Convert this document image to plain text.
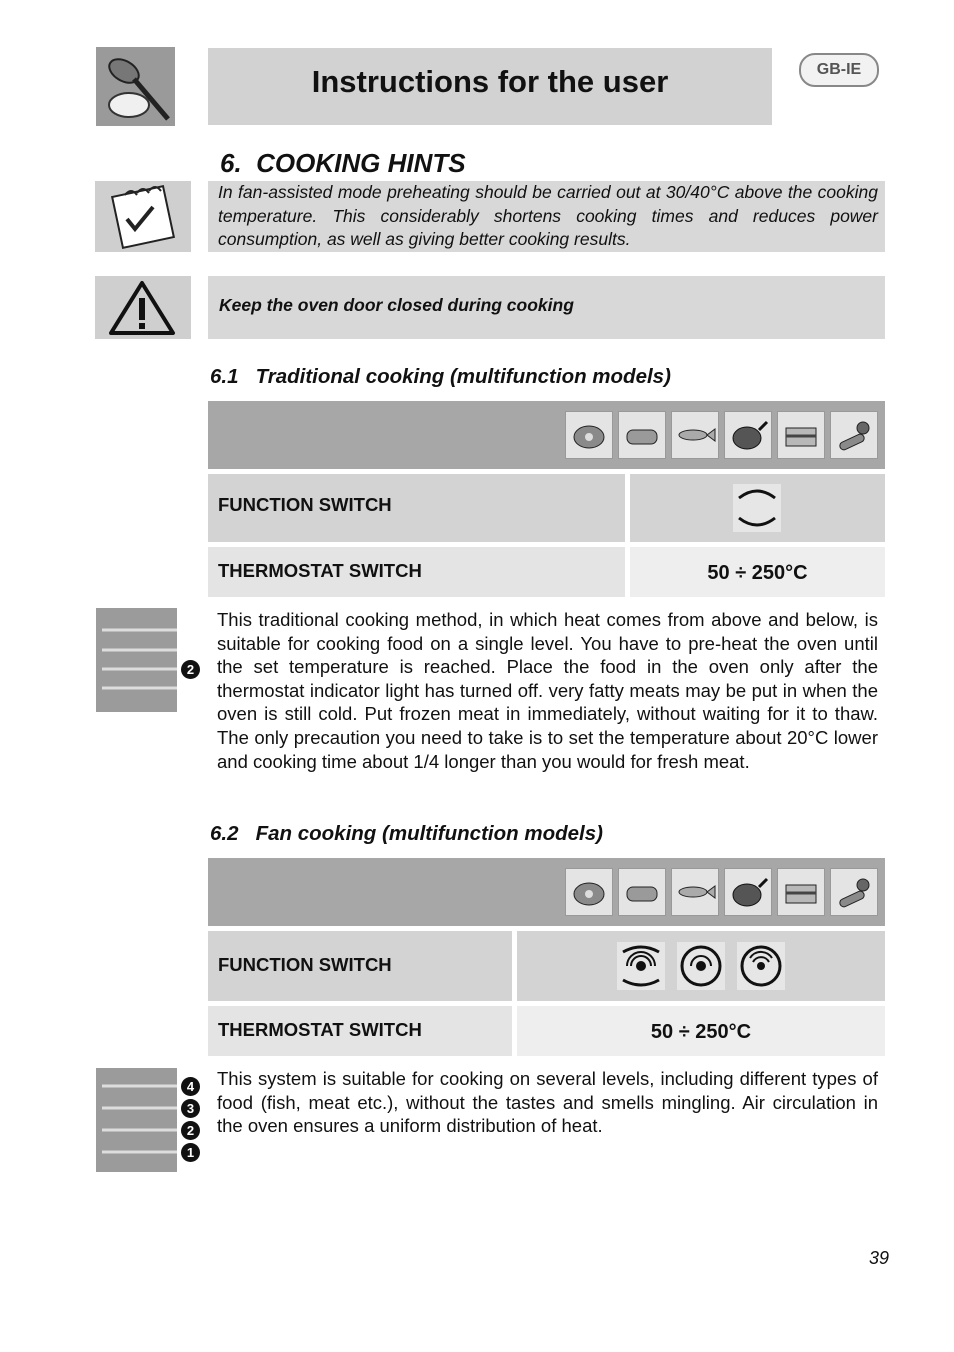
Instructions for the user	GB-IE
6. COOKING HINTS
In fan-assisted mode preheating should be carried out at 30/40°C above the cooking temperature. This considerably shortens cooking times and reduces power consumption, as well as giving better cooking results.
Keep the oven door closed during cooking
6.1 Traditional cooking (multifunction models)
FUNCTION SWITCH
THERMOSTAT SWITCH	50 ÷ 250°C
2
This traditional cooking method, in which heat comes from above and below, is suitable for cooking food on a single level. You have to pre-heat the oven until the set temperature is reached. Place the food in the oven only after the thermostat indicator light has turned off. very fatty meats may be put in when the oven is still cold. Put frozen meat in immediately, without waiting for it to thaw. The only precaution you need to take is to set the temperature about 20°C lower and cooking time about 1/4 longer than you would for fresh meat.
6.2 Fan cooking (multifunction models)
FUNCTION SWITCH
THERMOSTAT SWITCH	50 ÷ 250°C
4
3
2
1
This system is suitable for cooking on several levels, including different types of food (fish, meat etc.), without the tastes and smells mingling. Air circulation in the oven ensures a uniform distribution of heat.
39
